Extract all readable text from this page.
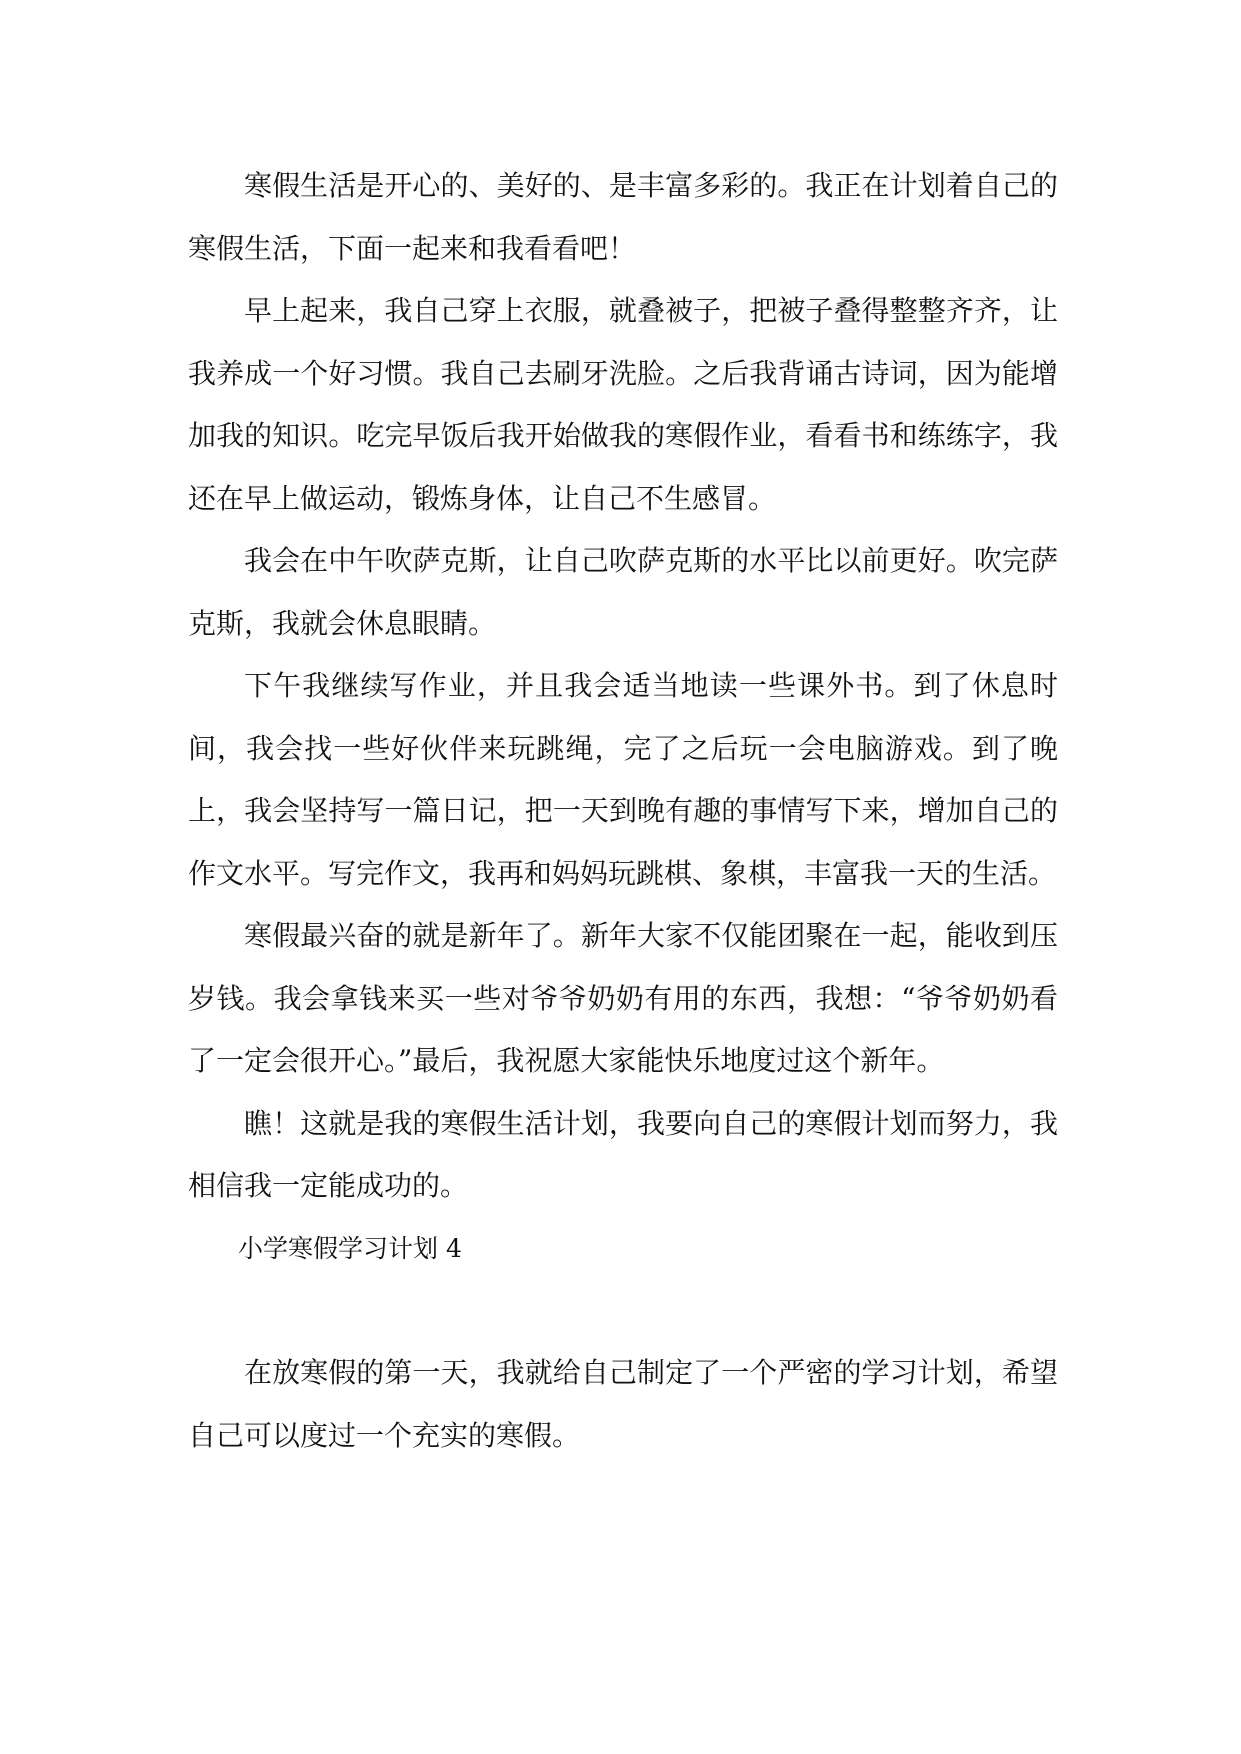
寒假生活是开心的、美好的、是丰富多彩的。我正在计划着自己的寒假生活，下面一起来和我看看吧！

早上起来，我自己穿上衣服，就叠被子，把被子叠得整整齐齐，让我养成一个好习惯。我自己去刷牙洗脸。之后我背诵古诗词，因为能增加我的知识。吃完早饭后我开始做我的寒假作业，看看书和练练字，我还在早上做运动，锻炼身体，让自己不生感冒。

我会在中午吹萨克斯，让自己吹萨克斯的水平比以前更好。吹完萨克斯，我就会休息眼睛。

下午我继续写作业，并且我会适当地读一些课外书。到了休息时间，我会找一些好伙伴来玩跳绳，完了之后玩一会电脑游戏。到了晚上，我会坚持写一篇日记，把一天到晚有趣的事情写下来，增加自己的作文水平。写完作文，我再和妈妈玩跳棋、象棋，丰富我一天的生活。

寒假最兴奋的就是新年了。新年大家不仅能团聚在一起，能收到压岁钱。我会拿钱来买一些对爷爷奶奶有用的东西，我想：“爷爷奶奶看了一定会很开心。”最后，我祝愿大家能快乐地度过这个新年。

瞧！这就是我的寒假生活计划，我要向自己的寒假计划而努力，我相信我一定能成功的。

小学寒假学习计划 4

在放寒假的第一天，我就给自己制定了一个严密的学习计划，希望自己可以度过一个充实的寒假。
